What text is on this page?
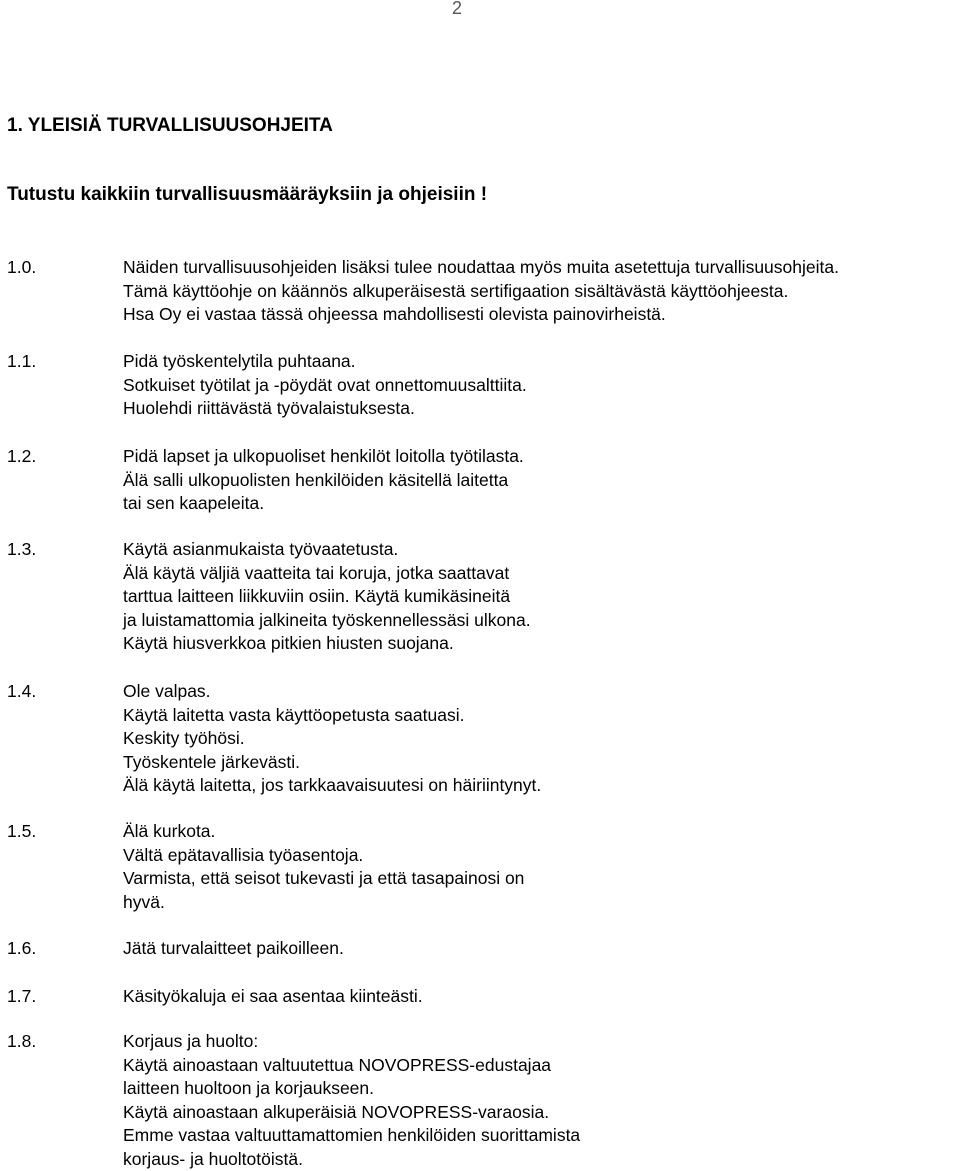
2
1. YLEISIÄ TURVALLISUUSOHJEITA
Tutustu kaikkiin turvallisuusmääräyksiin ja ohjeisiin !
1.0.	Näiden turvallisuusohjeiden lisäksi tulee noudattaa myös muita asetettuja turvallisuusohjeita.
Tämä käyttöohje on käännös alkuperäisestä sertifigaation sisältävästä käyttöohjeesta.
Hsa Oy ei vastaa tässä ohjeessa mahdollisesti olevista painovirheistä.
1.1.	Pidä työskentelytila puhtaana.
Sotkuiset työtilat ja -pöydät ovat onnettomuusalttiita.
Huolehdi riittävästä työvalaistuksesta.
1.2.	Pidä lapset ja ulkopuoliset henkilöt loitolla työtilasta.
Älä salli ulkopuolisten henkilöiden käsitellä laitetta
tai sen kaapeleita.
1.3.	Käytä asianmukaista työvaatetusta.
Älä käytä väljiä vaatteita tai koruja, jotka saattavat
tarttua laitteen liikkuviin osiin. Käytä kumikäsineitä
ja luistamattomia jalkineita työskennellessäsi ulkona.
Käytä hiusverkkoa pitkien hiusten suojana.
1.4.	Ole valpas.
Käytä laitetta vasta käyttöopetusta saatuasi.
Keskity työhösi.
Työskentele järkevästi.
Älä käytä laitetta, jos tarkkaavaisuutesi on häiriintynyt.
1.5.	Älä kurkota.
Vältä epätavallisia työasentoja.
Varmista, että seisot tukevasti ja että tasapainosi on
hyvä.
1.6.	Jätä turvalaitteet paikoilleen.
1.7.	Käsityökaluja ei saa asentaa kiinteästi.
1.8.	Korjaus ja huolto:
Käytä ainoastaan valtuutettua NOVOPRESS-edustajaa
laitteen huoltoon ja korjaukseen.
Käytä ainoastaan alkuperäisiä NOVOPRESS-varaosia.
Emme vastaa valtuuttamattomien henkilöiden suorittamista
korjaus- ja huoltotöistä.
